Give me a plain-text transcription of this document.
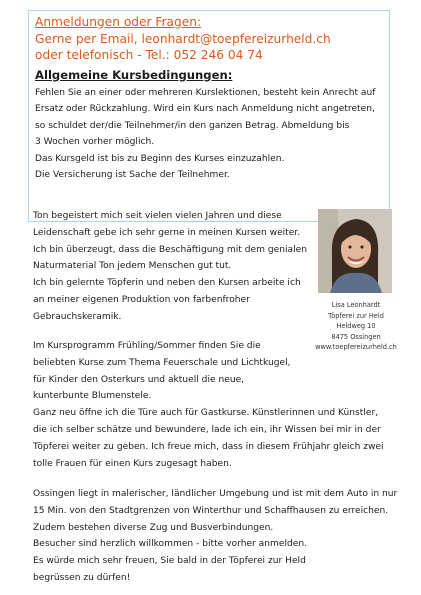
Anmeldungen oder Fragen:
Gerne per Email, leonhardt@toepfereizurheld.ch
oder telefonisch - Tel.: 052 246 04 74
Allgemeine Kursbedingungen:
Fehlen Sie an einer oder mehreren Kurslektionen, besteht kein Anrecht auf
Ersatz oder Rückzahlung. Wird ein Kurs nach Anmeldung nicht angetreten,
so schuldet der/die Teilnehmer/in den ganzen Betrag. Abmeldung bis
3 Wochen vorher möglich.
Das Kursgeld ist bis zu Beginn des Kurses einzuzahlen.
Die Versicherung ist Sache der Teilnehmer.
Ton begeistert mich seit vielen vielen Jahren und diese
Leidenschaft gebe ich sehr gerne in meinen Kursen weiter.
Ich bin überzeugt, dass die Beschäftigung mit dem genialen
Naturmaterial Ton jedem Menschen gut tut.
Ich bin gelernte Töpferin und neben den Kursen arbeite ich
an meiner eigenen Produktion von farbenfroher
Gebrauchskeramik.
Lisa Leonhardt
Töpferei zur Held
Heldweg 10
8475 Ossingen
www.toepfereizurheld.ch
Im Kursprogramm Frühling/Sommer finden Sie die
beliebten Kurse zum Thema Feuerschale und Lichtkugel,
für Kinder den Osterkurs und aktuell die neue,
kunterbunte Blumenstele.
Ganz neu öffne ich die Türe auch für Gastkurse. Künstlerinnen und Künstler,
die ich selber schätze und bewundere, lade ich ein, ihr Wissen bei mir in der
Töpferei weiter zu geben. Ich freue mich, dass in diesem Frühjahr gleich zwei
tolle Frauen für einen Kurs zugesagt haben.
Ossingen liegt in malerischer, ländlicher Umgebung und ist mit dem Auto in nur
15 Min. von den Stadtgrenzen von Winterthur und Schaffhausen zu erreichen.
Zudem bestehen diverse Zug und Busverbindungen.
Besucher sind herzlich willkommen - bitte vorher anmelden.
Es würde mich sehr freuen, Sie bald in der Töpferei zur Held
begrüssen zu dürfen!
